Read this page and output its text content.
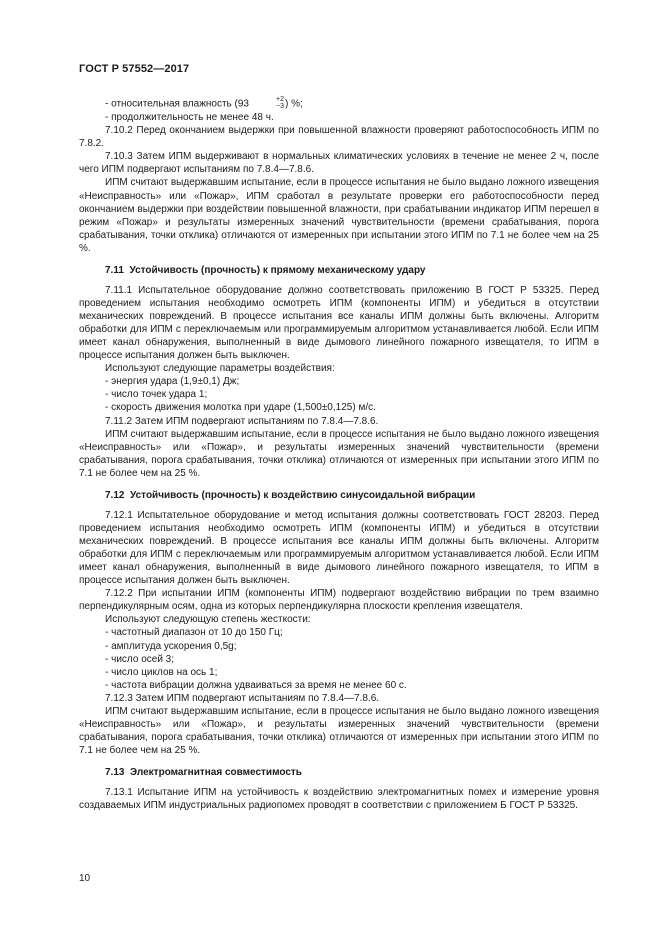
ГОСТ Р 57552—2017

- относительная влажность (93	+2
−3 ) %;

- продолжительность не менее 48 ч.

7.10.2 Перед окончанием выдержки при повышенной влажности проверяют работоспособность ИПМ по 7.8.2.

7.10.3 Затем ИПМ выдерживают в нормальных климатических условиях в течение не менее 2 ч, после чего ИПМ подвергают испытаниям по 7.8.4—7.8.6.

ИПМ считают выдержавшим испытание, если в процессе испытания не было выдано ложного извещения «Неисправность» или «Пожар», ИПМ сработал в результате проверки его работоспособности перед окончанием выдержки при воздействии повышенной влажности, при срабатывании индикатор ИПМ перешел в режим «Пожар» и результаты измеренных значений чувствительности (времени срабатывания, порога срабатывания, точки отклика) отличаются от измеренных при испытании этого ИПМ по 7.1 не более чем на 25 %.

7.11 Устойчивость (прочность) к прямому механическому удару

7.11.1 Испытательное оборудование должно соответствовать приложению В ГОСТ Р 53325. Перед проведением испытания необходимо осмотреть ИПМ (компоненты ИПМ) и убедиться в отсутствии механических повреждений. В процессе испытания все каналы ИПМ должны быть включены. Алгоритм обработки для ИПМ с переключаемым или программируемым алгоритмом устанавливается любой. Если ИПМ имеет канал обнаружения, выполненный в виде дымового линейного пожарного извещателя, то ИПМ в процессе испытания должен быть выключен.

Используют следующие параметры воздействия:

- энергия удара (1,9±0,1) Дж;

- число точек удара 1;

- скорость движения молотка при ударе (1,500±0,125) м/с.

7.11.2 Затем ИПМ подвергают испытаниям по 7.8.4—7.8.6.

ИПМ считают выдержавшим испытание, если в процессе испытания не было выдано ложного извещения «Неисправность» или «Пожар», и результаты измеренных значений чувствительности (времени срабатывания, порога срабатывания, точки отклика) отличаются от измеренных при испытании этого ИПМ по 7.1 не более чем на 25 %.

7.12 Устойчивость (прочность) к воздействию синусоидальной вибрации

7.12.1 Испытательное оборудование и метод испытания должны соответствовать ГОСТ 28203. Перед проведением испытания необходимо осмотреть ИПМ (компоненты ИПМ) и убедиться в отсутствии механических повреждений. В процессе испытания все каналы ИПМ должны быть включены. Алгоритм обработки для ИПМ с переключаемым или программируемым алгоритмом устанавливается любой. Если ИПМ имеет канал обнаружения, выполненный в виде дымового линейного пожарного извещателя, то ИПМ в процессе испытания должен быть выключен.

7.12.2 При испытании ИПМ (компоненты ИПМ) подвергают воздействию вибрации по трем взаимно перпендикулярным осям, одна из которых перпендикулярна плоскости крепления извещателя.

Используют следующую степень жесткости:

- частотный диапазон от 10 до 150 Гц;

- амплитуда ускорения 0,5g;

- число осей 3;

- число циклов на ось 1;

- частота вибрации должна удваиваться за время не менее 60 с.

7.12.3 Затем ИПМ подвергают испытаниям по 7.8.4—7.8.6.

ИПМ считают выдержавшим испытание, если в процессе испытания не было выдано ложного извещения «Неисправность» или «Пожар», и результаты измеренных значений чувствительности (времени срабатывания, порога срабатывания, точки отклика) отличаются от измеренных при испытании этого ИПМ по 7.1 не более чем на 25 %.

7.13 Электромагнитная совместимость

7.13.1 Испытание ИПМ на устойчивость к воздействию электромагнитных помех и измерение уровня создаваемых ИПМ индустриальных радиопомех проводят в соответствии с приложением Б ГОСТ Р 53325.

10
